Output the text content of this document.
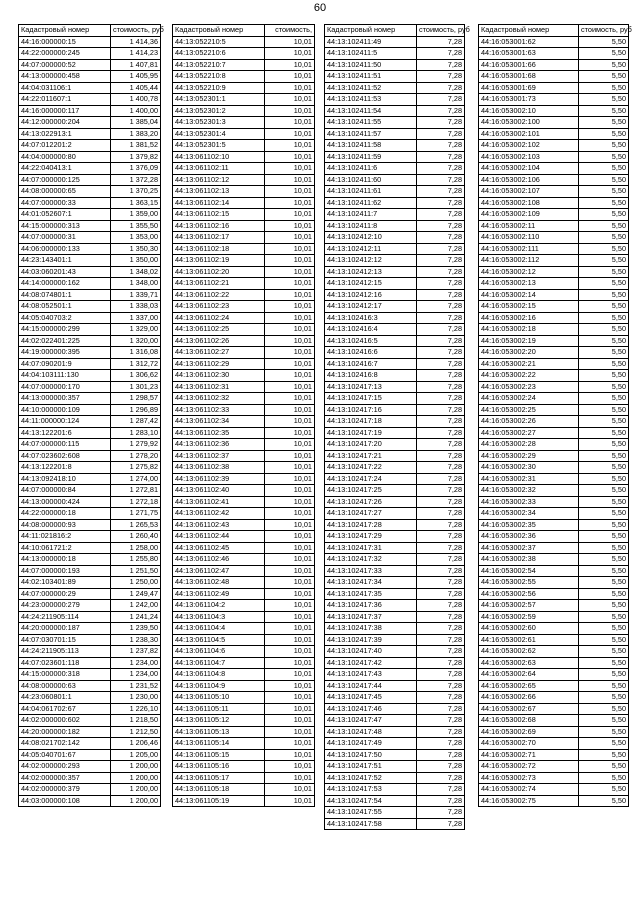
60
Кадастровый номер	стоимость, руб
44:16:000000:15	1 414,36
44:22:000000:245	1 414,23
44:07:000000:52	1 407,81
44:13:000000:458	1 405,95
44:04:031106:1	1 405,44
44:22:011607:1	1 400,78
44:16:000000:117	1 400,00
44:12:000000:204	1 385,04
44:13:022913:1	1 383,20
44:07:012201:2	1 381,52
44:04:000000:80	1 379,82
44:22:040413:1	1 376,09
44:07:000000:125	1 372,28
44:08:000000:65	1 370,25
44:07:000000:33	1 363,15
44:01:052607:1	1 359,00
44:15:000000:313	1 355,50
44:07:000000:31	1 353,00
44:06:000000:133	1 350,30
44:23:143401:1	1 350,00
44:03:060201:43	1 348,02
44:14:000000:162	1 348,00
44:08:074801:1	1 339,71
44:08:052501:1	1 338,03
44:05:040703:2	1 337,00
44:15:000000:299	1 329,00
44:02:022401:225	1 320,00
44:19:000000:395	1 316,08
44:07:090201:9	1 312,72
44:04:103111:130	1 306,62
44:07:000000:170	1 301,23
44:13:000000:357	1 298,57
44:10:000000:109	1 296,89
44:11:000000:124	1 287,42
44:13:122201:6	1 283,10
44:07:000000:115	1 279,92
44:07:023602:608	1 278,20
44:13:122201:8	1 275,82
44:13:092418:10	1 274,00
44:07:000000:84	1 272,81
44:13:000000:424	1 272,18
44:22:000000:18	1 271,75
44:08:000000:93	1 265,53
44:11:021816:2	1 260,40
44:10:061721:2	1 258,00
44:13:000000:18	1 255,80
44:07:000000:193	1 251,50
44:02:103401:89	1 250,00
44:07:000000:29	1 249,47
44:23:000000:279	1 242,00
44:24:211905:114	1 241,24
44:20:000000:187	1 239,50
44:07:030701:15	1 238,30
44:24:211905:113	1 237,82
44:07:023601:118	1 234,00
44:15:000000:318	1 234,00
44:08:000000:63	1 231,52
44:23:060801:1	1 230,00
44:04:061702:67	1 226,10
44:02:000000:602	1 218,50
44:20:000000:182	1 212,50
44:08:021702:142	1 206,46
44:05:040701:67	1 205,00
44:02:000000:293	1 200,00
44:02:000000:357	1 200,00
44:02:000000:379	1 200,00
44:03:000000:108	1 200,00
Кадастровый номер	стоимость,
44:13:052210:5	10,01
44:13:052210:6	10,01
44:13:052210:7	10,01
44:13:052210:8	10,01
44:13:052210:9	10,01
44:13:052301:1	10,01
44:13:052301:2	10,01
44:13:052301:3	10,01
44:13:052301:4	10,01
44:13:052301:5	10,01
44:13:061102:10	10,01
44:13:061102:11	10,01
44:13:061102:12	10,01
44:13:061102:13	10,01
44:13:061102:14	10,01
44:13:061102:15	10,01
44:13:061102:16	10,01
44:13:061102:17	10,01
44:13:061102:18	10,01
44:13:061102:19	10,01
44:13:061102:20	10,01
44:13:061102:21	10,01
44:13:061102:22	10,01
44:13:061102:23	10,01
44:13:061102:24	10,01
44:13:061102:25	10,01
44:13:061102:26	10,01
44:13:061102:27	10,01
44:13:061102:29	10,01
44:13:061102:30	10,01
44:13:061102:31	10,01
44:13:061102:32	10,01
44:13:061102:33	10,01
44:13:061102:34	10,01
44:13:061102:35	10,01
44:13:061102:36	10,01
44:13:061102:37	10,01
44:13:061102:38	10,01
44:13:061102:39	10,01
44:13:061102:40	10,01
44:13:061102:41	10,01
44:13:061102:42	10,01
44:13:061102:43	10,01
44:13:061102:44	10,01
44:13:061102:45	10,01
44:13:061102:46	10,01
44:13:061102:47	10,01
44:13:061102:48	10,01
44:13:061102:49	10,01
44:13:061104:2	10,01
44:13:061104:3	10,01
44:13:061104:4	10,01
44:13:061104:5	10,01
44:13:061104:6	10,01
44:13:061104:7	10,01
44:13:061104:8	10,01
44:13:061104:9	10,01
44:13:061105:10	10,01
44:13:061105:11	10,01
44:13:061105:12	10,01
44:13:061105:13	10,01
44:13:061105:14	10,01
44:13:061105:15	10,01
44:13:061105:16	10,01
44:13:061105:17	10,01
44:13:061105:18	10,01
44:13:061105:19	10,01
Кадастровый номер	стоимость, руб
44:13:102411:49	7,28
44:13:102411:5	7,28
44:13:102411:50	7,28
44:13:102411:51	7,28
44:13:102411:52	7,28
44:13:102411:53	7,28
44:13:102411:54	7,28
44:13:102411:55	7,28
44:13:102411:57	7,28
44:13:102411:58	7,28
44:13:102411:59	7,28
44:13:102411:6	7,28
44:13:102411:60	7,28
44:13:102411:61	7,28
44:13:102411:62	7,28
44:13:102411:7	7,28
44:13:102411:8	7,28
44:13:102412:10	7,28
44:13:102412:11	7,28
44:13:102412:12	7,28
44:13:102412:13	7,28
44:13:102412:15	7,28
44:13:102412:16	7,28
44:13:102412:17	7,28
44:13:102416:3	7,28
44:13:102416:4	7,28
44:13:102416:5	7,28
44:13:102416:6	7,28
44:13:102416:7	7,28
44:13:102416:8	7,28
44:13:102417:13	7,28
44:13:102417:15	7,28
44:13:102417:16	7,28
44:13:102417:18	7,28
44:13:102417:19	7,28
44:13:102417:20	7,28
44:13:102417:21	7,28
44:13:102417:22	7,28
44:13:102417:24	7,28
44:13:102417:25	7,28
44:13:102417:26	7,28
44:13:102417:27	7,28
44:13:102417:28	7,28
44:13:102417:29	7,28
44:13:102417:31	7,28
44:13:102417:32	7,28
44:13:102417:33	7,28
44:13:102417:34	7,28
44:13:102417:35	7,28
44:13:102417:36	7,28
44:13:102417:37	7,28
44:13:102417:38	7,28
44:13:102417:39	7,28
44:13:102417:40	7,28
44:13:102417:42	7,28
44:13:102417:43	7,28
44:13:102417:44	7,28
44:13:102417:45	7,28
44:13:102417:46	7,28
44:13:102417:47	7,28
44:13:102417:48	7,28
44:13:102417:49	7,28
44:13:102417:50	7,28
44:13:102417:51	7,28
44:13:102417:52	7,28
44:13:102417:53	7,28
44:13:102417:54	7,28
44:13:102417:55	7,28
44:13:102417:58	7,28
Кадастровый номер	стоимость, руб
44:16:053001:62	5,50
44:16:053001:63	5,50
44:16:053001:66	5,50
44:16:053001:68	5,50
44:16:053001:69	5,50
44:16:053001:73	5,50
44:16:053002:10	5,50
44:16:053002:100	5,50
44:16:053002:101	5,50
44:16:053002:102	5,50
44:16:053002:103	5,50
44:16:053002:104	5,50
44:16:053002:106	5,50
44:16:053002:107	5,50
44:16:053002:108	5,50
44:16:053002:109	5,50
44:16:053002:11	5,50
44:16:053002:110	5,50
44:16:053002:111	5,50
44:16:053002:112	5,50
44:16:053002:12	5,50
44:16:053002:13	5,50
44:16:053002:14	5,50
44:16:053002:15	5,50
44:16:053002:16	5,50
44:16:053002:18	5,50
44:16:053002:19	5,50
44:16:053002:20	5,50
44:16:053002:21	5,50
44:16:053002:22	5,50
44:16:053002:23	5,50
44:16:053002:24	5,50
44:16:053002:25	5,50
44:16:053002:26	5,50
44:16:053002:27	5,50
44:16:053002:28	5,50
44:16:053002:29	5,50
44:16:053002:30	5,50
44:16:053002:31	5,50
44:16:053002:32	5,50
44:16:053002:33	5,50
44:16:053002:34	5,50
44:16:053002:35	5,50
44:16:053002:36	5,50
44:16:053002:37	5,50
44:16:053002:38	5,50
44:16:053002:54	5,50
44:16:053002:55	5,50
44:16:053002:56	5,50
44:16:053002:57	5,50
44:16:053002:59	5,50
44:16:053002:60	5,50
44:16:053002:61	5,50
44:16:053002:62	5,50
44:16:053002:63	5,50
44:16:053002:64	5,50
44:16:053002:65	5,50
44:16:053002:66	5,50
44:16:053002:67	5,50
44:16:053002:68	5,50
44:16:053002:69	5,50
44:16:053002:70	5,50
44:16:053002:71	5,50
44:16:053002:72	5,50
44:16:053002:73	5,50
44:16:053002:74	5,50
44:16:053002:75	5,50
